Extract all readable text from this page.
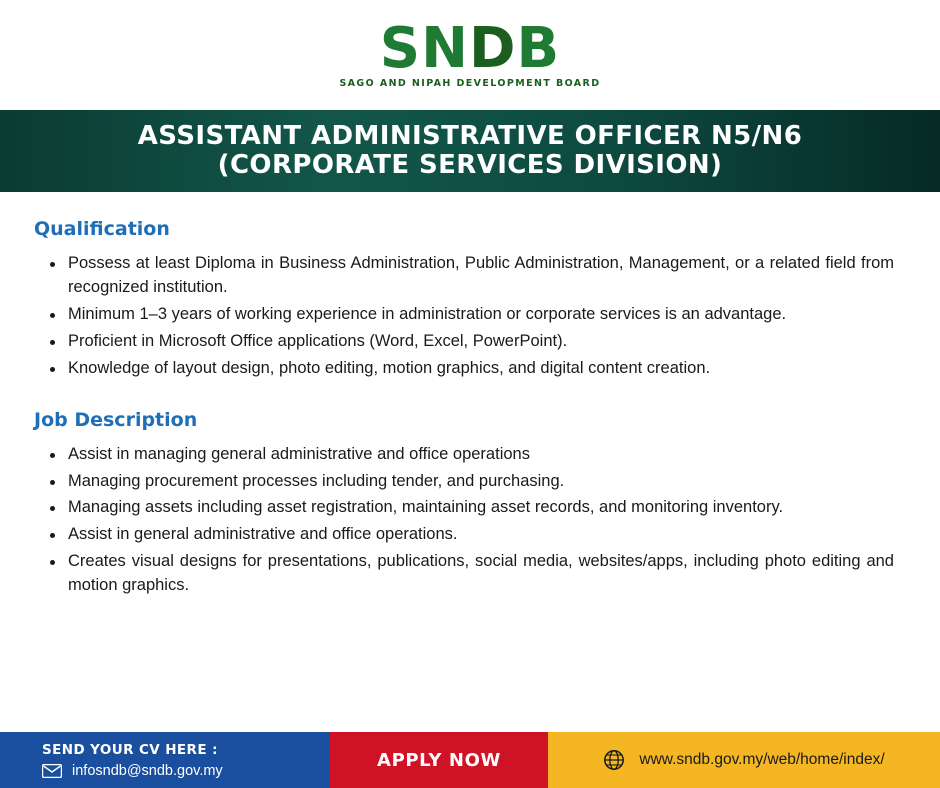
SND
B
SAGO AND NIPAH DEVELOPMENT BOARD
ASSISTANT ADMINISTRATIVE OFFICER N5/N6
(CORPORATE SERVICES DIVISION)
Qualification
Possess at least Diploma in Business Administration, Public Administration, Management, or a related field from recognized institution.
Minimum 1–3 years of working experience in administration or corporate services is an advantage.
Proficient in Microsoft Office applications (Word, Excel, PowerPoint).
Knowledge of layout design, photo editing, motion graphics, and digital content creation.
Job Description
Assist in managing general administrative and office operations
Managing procurement processes including tender, and purchasing.
Managing assets including asset registration, maintaining asset records, and monitoring inventory.
Assist in general administrative and office operations.
Creates visual designs for presentations, publications, social media, websites/apps, including photo editing and motion graphics.
SEND YOUR CV HERE :
infosndb@sndb.gov.my	APPLY NOW	www.sndb.gov.my/web/home/index/
